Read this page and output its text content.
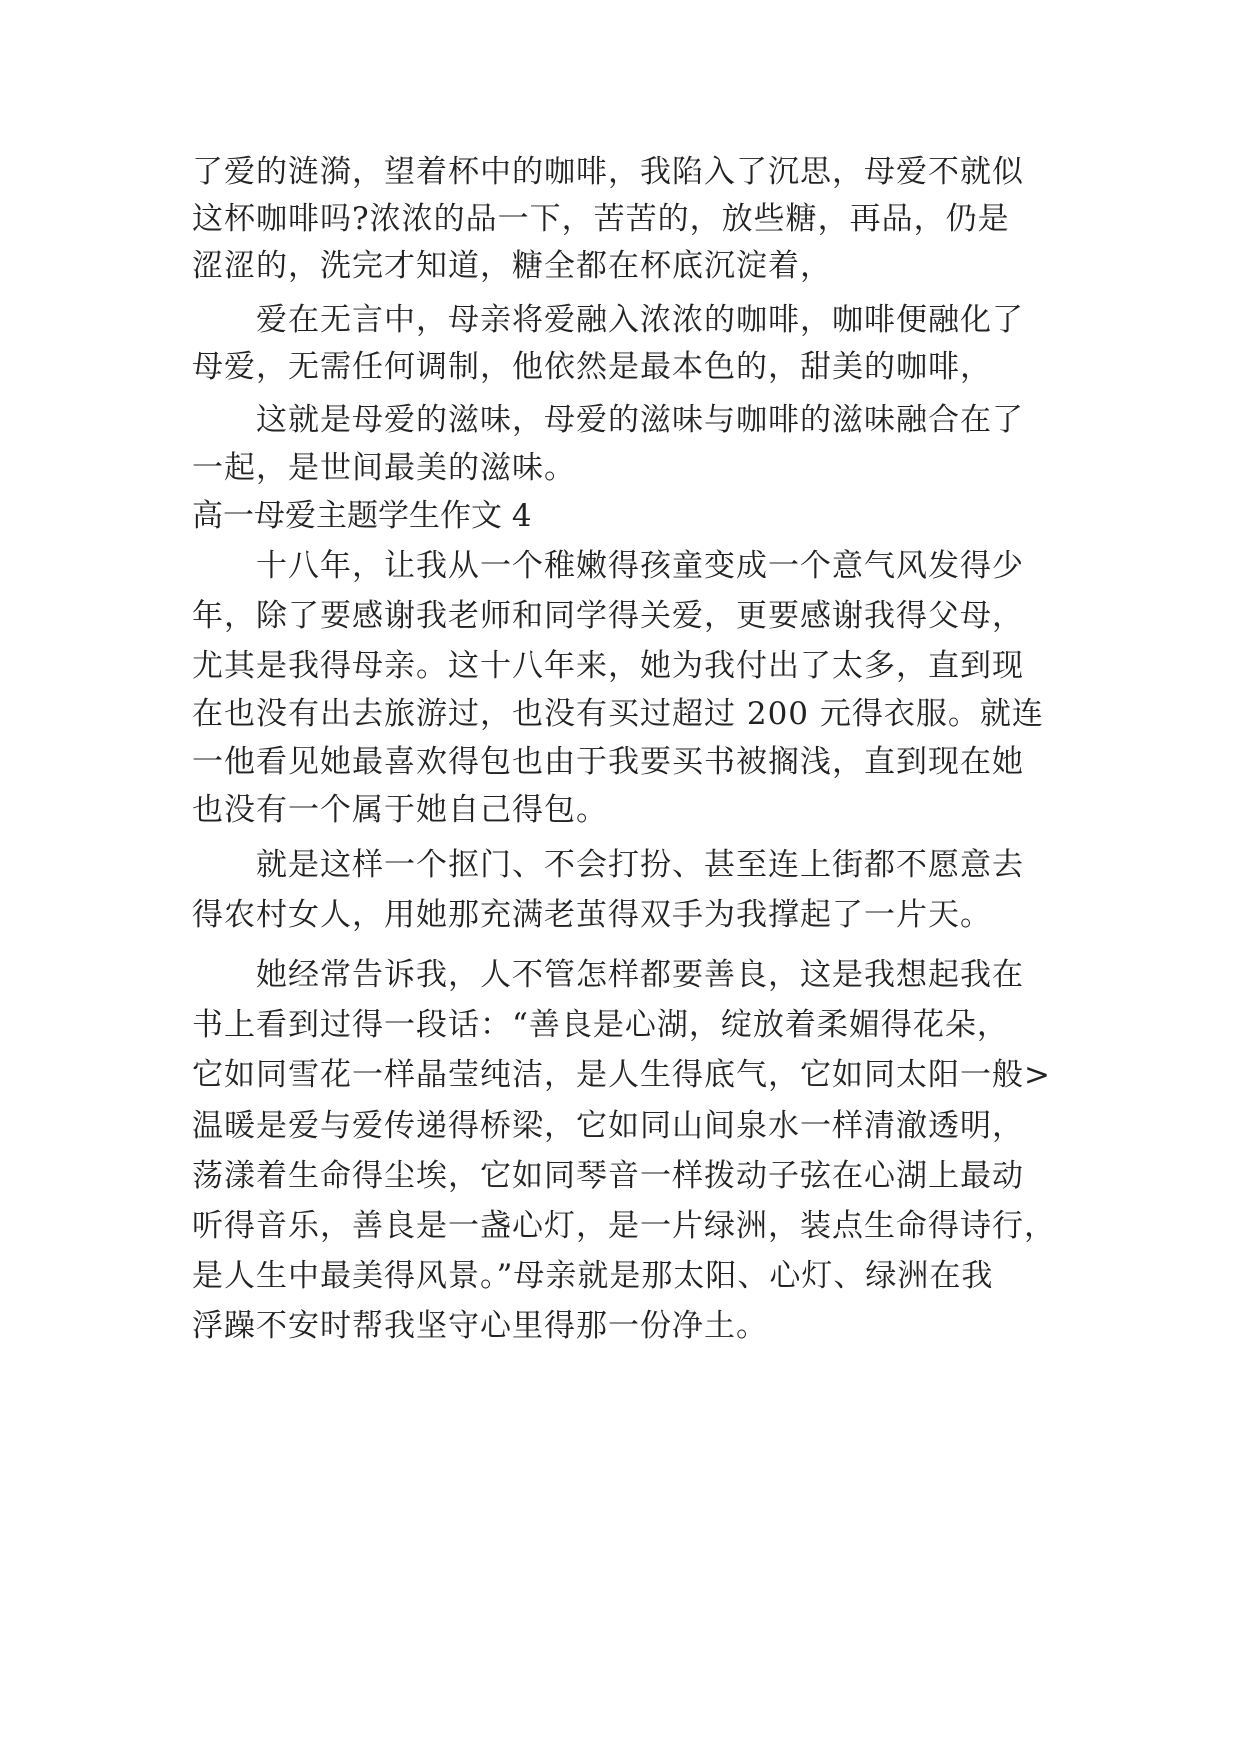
了爱的涟漪，望着杯中的咖啡，我陷入了沉思，母爱不就似
这杯咖啡吗?浓浓的品一下，苦苦的，放些糖，再品，仍是
涩涩的，洗完才知道，糖全都在杯底沉淀着，
爱在无言中，母亲将爱融入浓浓的咖啡，咖啡便融化了
母爱，无需任何调制，他依然是最本色的，甜美的咖啡，
这就是母爱的滋味，母爱的滋味与咖啡的滋味融合在了
一起，是世间最美的滋味。
高一母爱主题学生作文 4
十八年，让我从一个稚嫩得孩童变成一个意气风发得少
年，除了要感谢我老师和同学得关爱，更要感谢我得父母，
尤其是我得母亲。这十八年来，她为我付出了太多，直到现
在也没有出去旅游过，也没有买过超过 200 元得衣服。就连
一他看见她最喜欢得包也由于我要买书被搁浅，直到现在她
也没有一个属于她自己得包。
就是这样一个抠门、不会打扮、甚至连上街都不愿意去
得农村女人，用她那充满老茧得双手为我撑起了一片天。
她经常告诉我，人不管怎样都要善良，这是我想起我在
书上看到过得一段话：“善良是心湖，绽放着柔媚得花朵，
它如同雪花一样晶莹纯洁，是人生得底气，它如同太阳一般>
温暖是爱与爱传递得桥梁，它如同山间泉水一样清澈透明，
荡漾着生命得尘埃，它如同琴音一样拨动子弦在心湖上最动
听得音乐，善良是一盏心灯，是一片绿洲，装点生命得诗行，
是人生中最美得风景。”母亲就是那太阳、心灯、绿洲在我
浮躁不安时帮我坚守心里得那一份净土。
